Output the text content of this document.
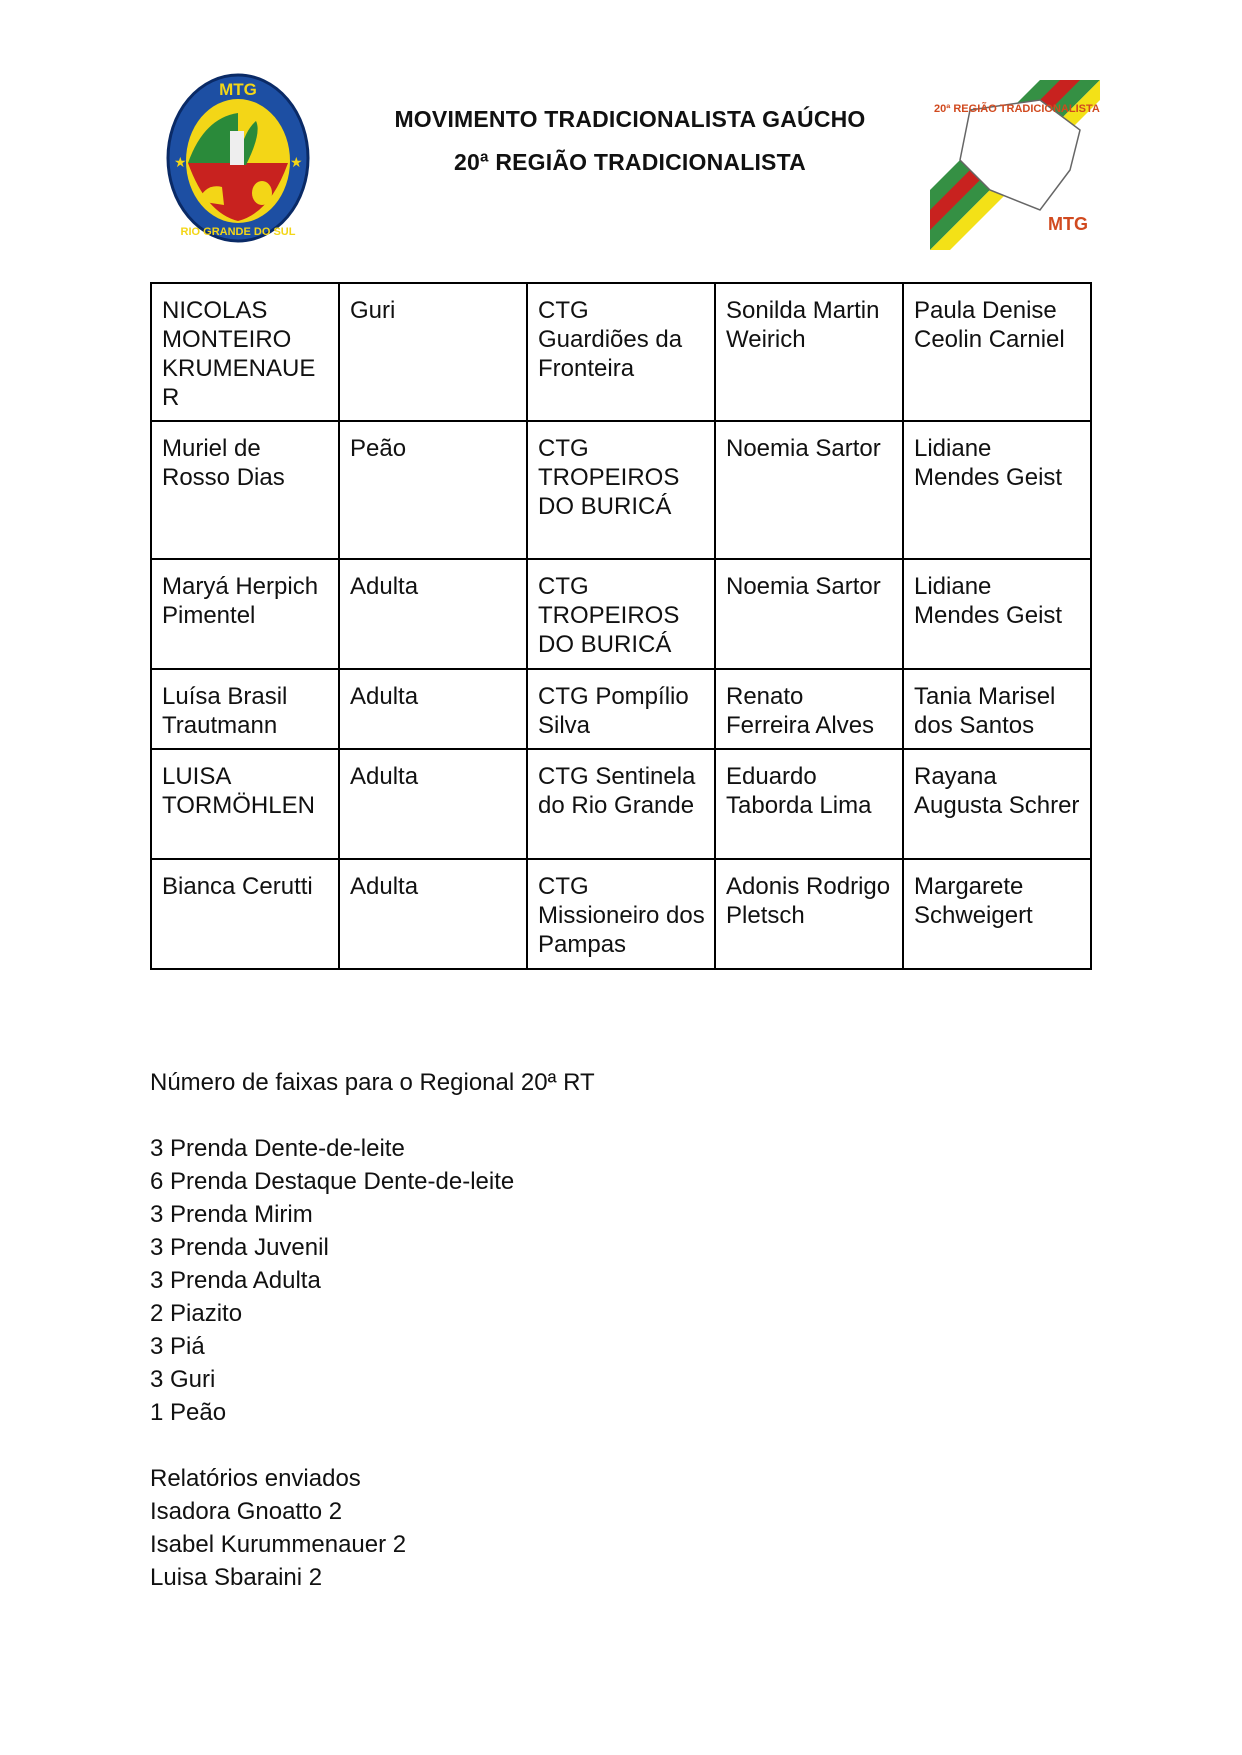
MTG
RIO GRANDE DO SUL
★	★
MOVIMENTO TRADICIONALISTA GAÚCHO
20ª REGIÃO TRADICIONALISTA
20ª REGIÃO TRADICIONALISTA
MTG
NICOLAS MONTEIRO KRUMENAUER	Guri	CTG Guardiões da Fronteira	Sonilda Martin Weirich	Paula Denise Ceolin Carniel
Muriel de Rosso Dias	Peão	CTG TROPEIROS DO BURICÁ	Noemia Sartor	Lidiane Mendes Geist
Maryá Herpich Pimentel	Adulta	CTG TROPEIROS DO BURICÁ	Noemia Sartor	Lidiane Mendes Geist
Luísa Brasil Trautmann	Adulta	CTG Pompílio Silva	Renato Ferreira Alves	Tania Marisel dos Santos
LUISA TORMÖHLEN	Adulta	CTG Sentinela do Rio Grande	Eduardo Taborda Lima	Rayana Augusta Schrer
Bianca Cerutti	Adulta	CTG Missioneiro dos Pampas	Adonis Rodrigo Pletsch	Margarete Schweigert
Número de faixas para o Regional 20ª RT
3 Prenda Dente-de-leite
6 Prenda Destaque Dente-de-leite
3 Prenda Mirim
3 Prenda Juvenil
3 Prenda Adulta
2 Piazito
3 Piá
3 Guri
1 Peão
Relatórios enviados
Isadora Gnoatto 2
Isabel Kurummenauer 2
Luisa Sbaraini 2
